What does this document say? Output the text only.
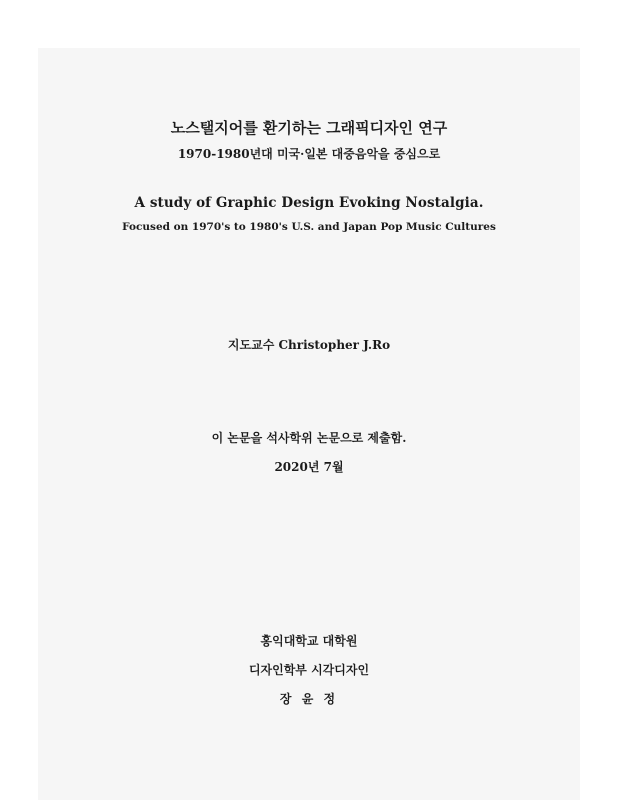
노스탤지어를 환기하는 그래픽디자인 연구

1970-1980년대 미국·일본 대중음악을 중심으로

A study of Graphic Design Evoking Nostalgia.

Focused on 1970's to 1980's U.S. and Japan Pop Music Cultures

지도교수 Christopher J.Ro

이 논문을 석사학위 논문으로 제출함.

2020년 7월

홍익대학교 대학원

디자인학부 시각디자인

장 윤 정
